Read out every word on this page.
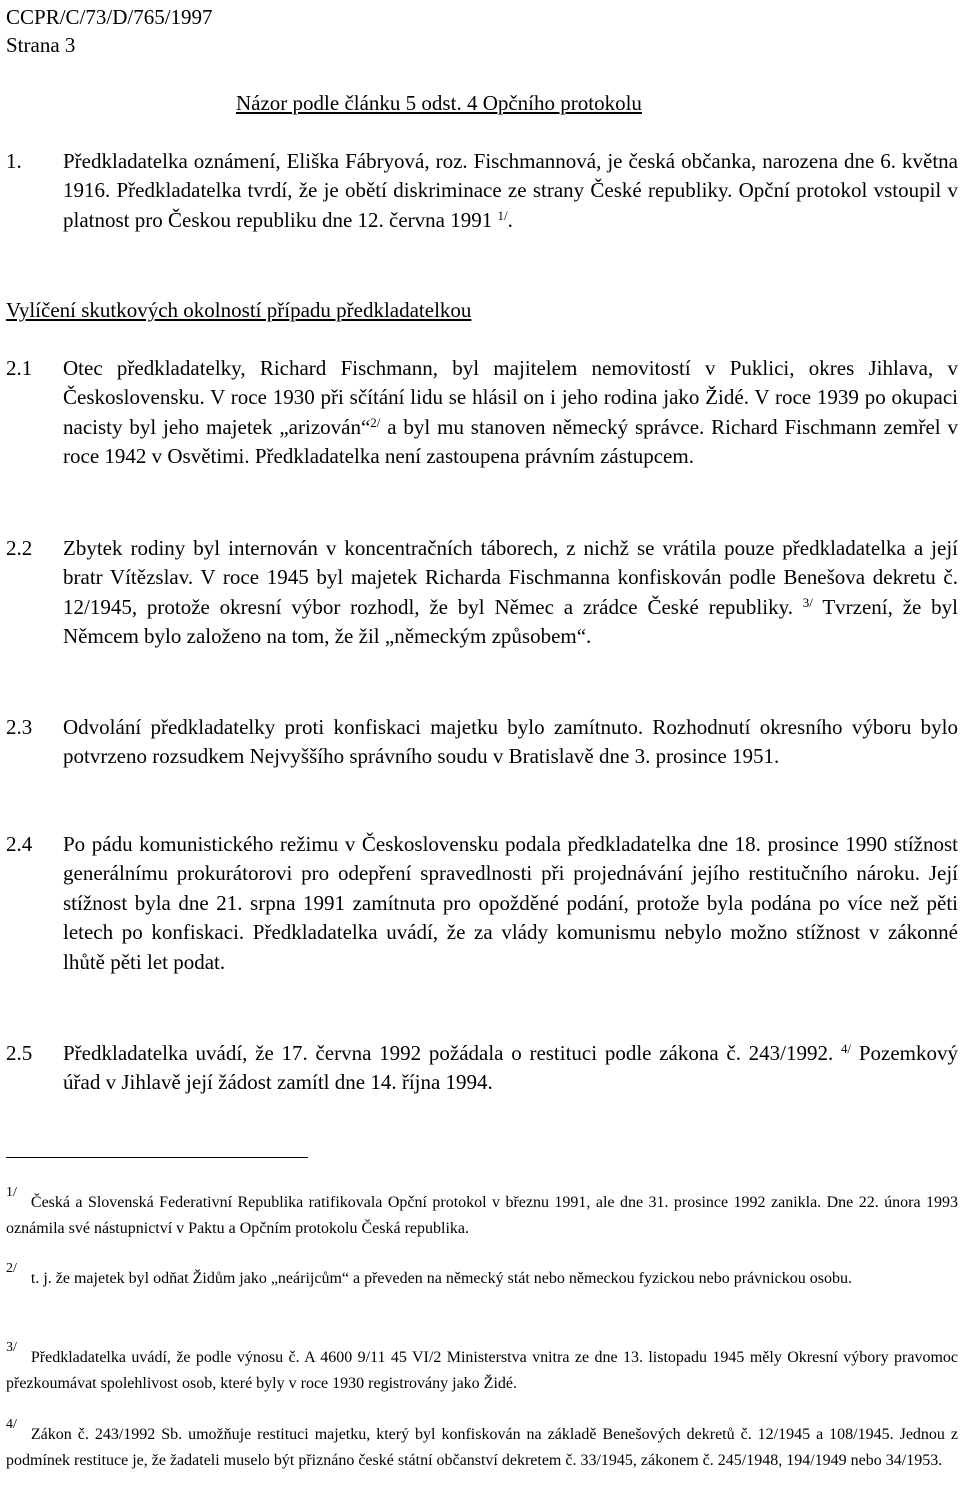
CCPR/C/73/D/765/1997
Strana 3
Názor podle článku 5 odst. 4 Opčního protokolu
1. Předkladatelka oznámení, Eliška Fábryová, roz. Fischmannová, je česká občanka, narozena dne 6. května 1916. Předkladatelka tvrdí, že je obětí diskriminace ze strany České republiky. Opční protokol vstoupil v platnost pro Českou republiku dne 12. června 1991 $^{1/}$.
Vylíčení skutkových okolností případu předkladatelkou
2.1 Otec předkladatelky, Richard Fischmann, byl majitelem nemovitostí v Puklici, okres Jihlava, v Československu. V roce 1930 při sčítání lidu se hlásil on i jeho rodina jako Židé. V roce 1939 po okupaci nacisty byl jeho majetek „arizován“$^{2/}$ a byl mu stanoven německý správce. Richard Fischmann zemřel v roce 1942 v Osvětimi. Předkladatelka není zastoupena právním zástupcem.
2.2 Zbytek rodiny byl internován v koncentračních táborech, z nichž se vrátila pouze předkladatelka a její bratr Vítězslav. V roce 1945 byl majetek Richarda Fischmanna konfiskován podle Benešova dekretu č. 12/1945, protože okresní výbor rozhodl, že byl Němec a zrádce České republiky. $^{3/}$ Tvrzení, že byl Němcem bylo založeno na tom, že žil „německým způsobem“.
2.3 Odvolání předkladatelky proti konfiskaci majetku bylo zamítnuto. Rozhodnutí okresního výboru bylo potvrzeno rozsudkem Nejvyššího správního soudu v Bratislavě dne 3. prosince 1951.
2.4 Po pádu komunistického režimu v Československu podala předkladatelka dne 18. prosince 1990 stížnost generálnímu prokurátorovi pro odepření spravedlnosti při projednávání jejího restitučního nároku. Její stížnost byla dne 21. srpna 1991 zamítnuta pro opožděné podání, protože byla podána po více než pěti letech po konfiskaci. Předkladatelka uvádí, že za vlády komunismu nebylo možno stížnost v zákonné lhůtě pěti let podat.
2.5 Předkladatelka uvádí, že 17. června 1992 požádala o restituci podle zákona č. 243/1992. $^{4/}$ Pozemkový úřad v Jihlavě její žádost zamítl dne 14. října 1994.
1/Česká a Slovenská Federativní Republika ratifikovala Opční protokol v březnu 1991, ale dne 31. prosince 1992 zanikla. Dne 22. února 1993 oznámila své nástupnictví v Paktu a Opčním protokolu Česká republika.
2/t. j. že majetek byl odňat Židům jako „neárijcům“ a převeden na německý stát nebo německou fyzickou nebo právnickou osobu.
3/Předkladatelka uvádí, že podle výnosu č. A 4600 9/11 45 VI/2 Ministerstva vnitra ze dne 13. listopadu 1945 měly Okresní výbory pravomoc přezkoumávat spolehlivost osob, které byly v roce 1930 registrovány jako Židé.
4/Zákon č. 243/1992 Sb. umožňuje restituci majetku, který byl konfiskován na základě Benešových dekretů č. 12/1945 a 108/1945. Jednou z podmínek restituce je, že žadateli muselo být přiznáno české státní občanství dekretem č. 33/1945, zákonem č. 245/1948, 194/1949 nebo 34/1953.
